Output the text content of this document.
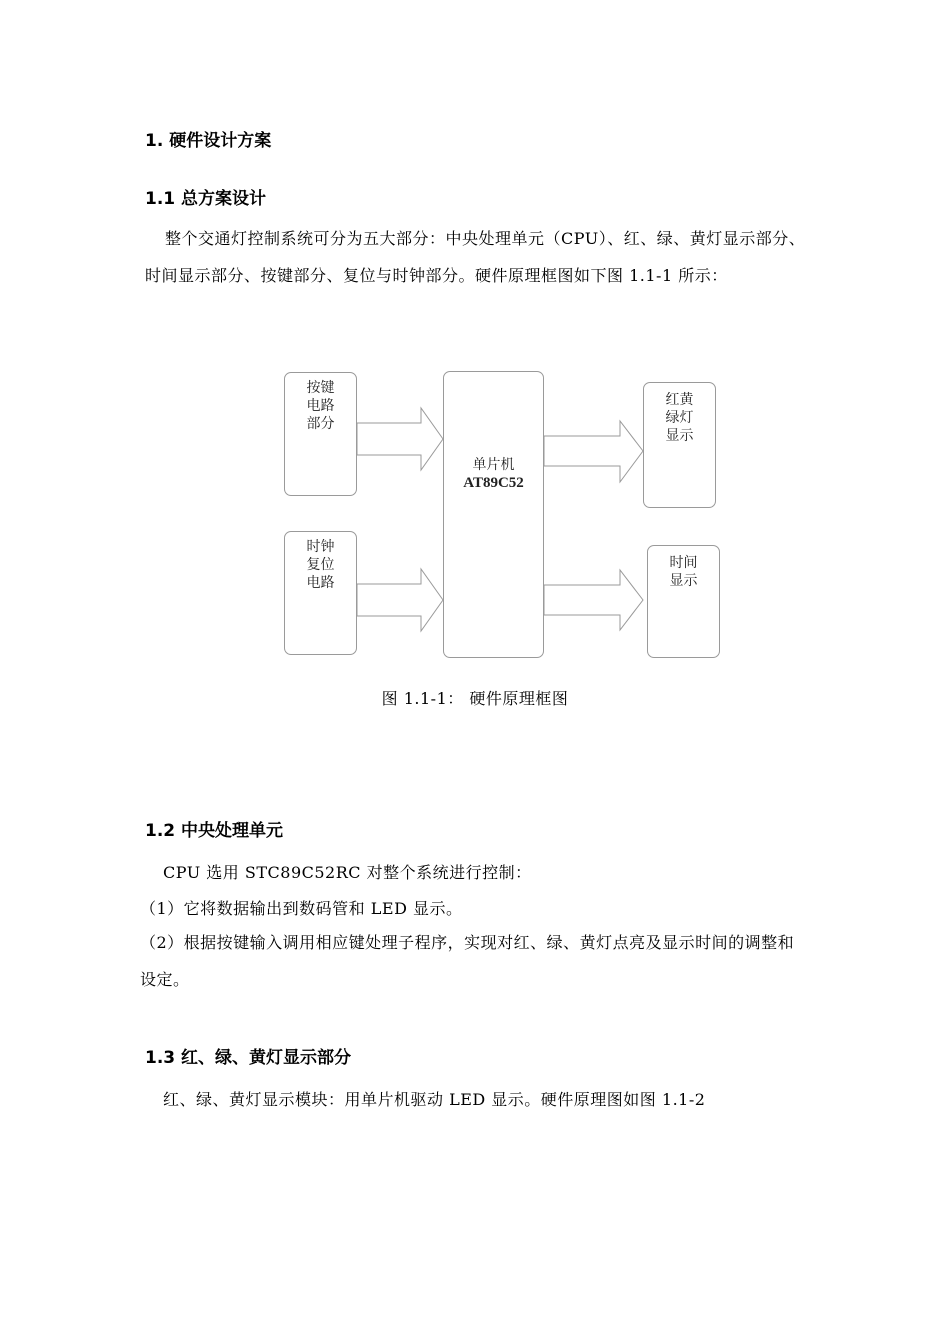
1. 硬件设计方案
1.1 总方案设计
整个交通灯控制系统可分为五大部分：中央处理单元（CPU）、红、绿、黄灯显示部分、时间显示部分、按键部分、复位与时钟部分。硬件原理框图如下图 1.1-1 所示：
按键
电路
部分
时钟
复位
电路
单片机
AT89C52
红黄
绿灯
显示
时间
显示
图 1.1-1： 硬件原理框图
1.2 中央处理单元
CPU 选用 STC89C52RC 对整个系统进行控制：
（1）它将数据输出到数码管和 LED 显示。
（2）根据按键输入调用相应键处理子程序，实现对红、绿、黄灯点亮及显示时间的调整和设定。
1.3 红、绿、黄灯显示部分
红、绿、黄灯显示模块：用单片机驱动 LED 显示。硬件原理图如图 1.1-2
